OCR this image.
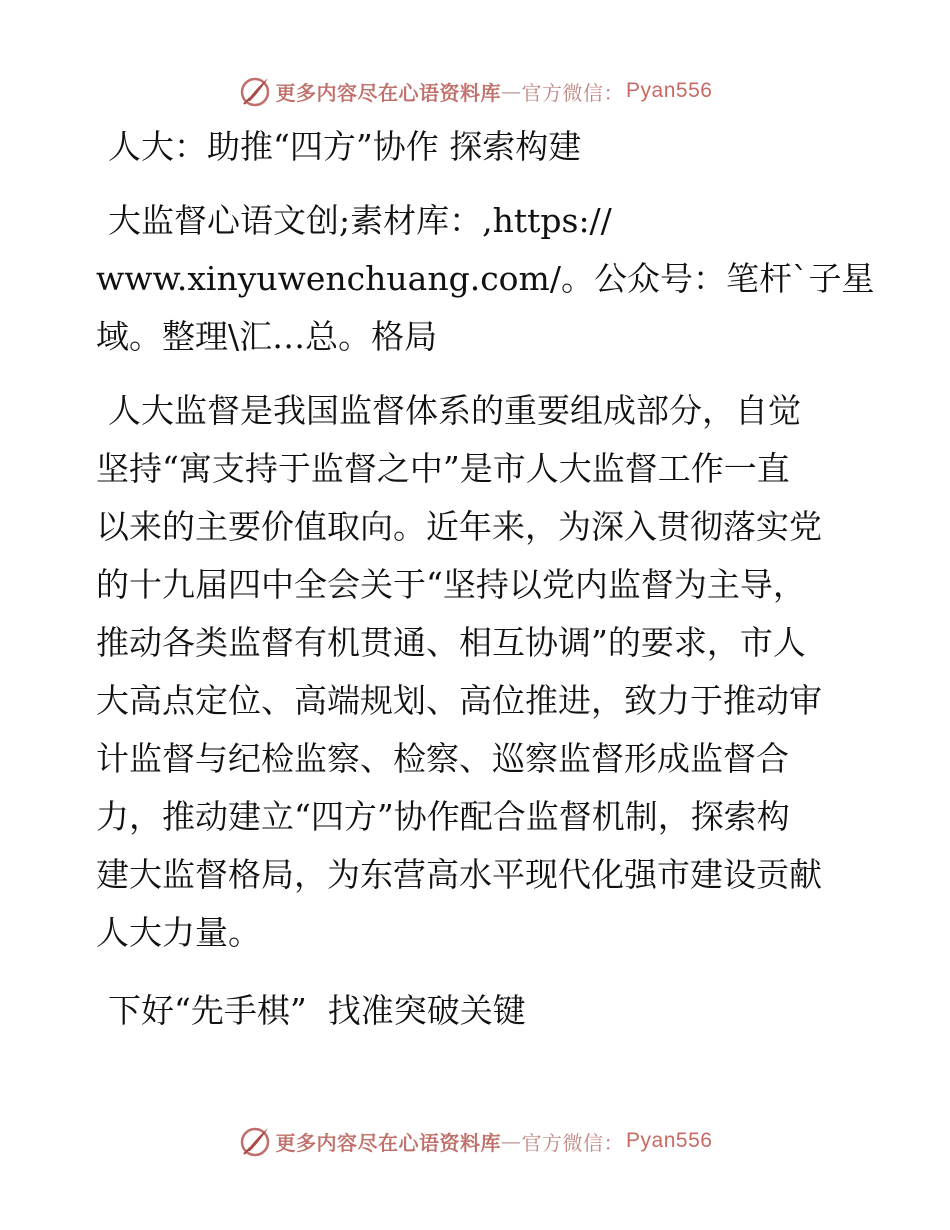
更多内容尽在心语资料库 — 官方微信： Pyan556
人大：助推“四方”协作 探索构建
大监督心语文创;素材库：,https://
www.xinyuwenchuang.com/。公众号：笔杆`子星
域。整理\汇…总。格局
人大监督是我国监督体系的重要组成部分，自觉
坚持“寓支持于监督之中”是市人大监督工作一直
以来的主要价值取向。近年来，为深入贯彻落实党
的十九届四中全会关于“坚持以党内监督为主导，
推动各类监督有机贯通、相互协调”的要求，市人
大高点定位、高端规划、高位推进，致力于推动审
计监督与纪检监察、检察、巡察监督形成监督合
力，推动建立“四方”协作配合监督机制，探索构
建大监督格局，为东营高水平现代化强市建设贡献
人大力量。
下好“先手棋”  找准突破关键
更多内容尽在心语资料库 — 官方微信： Pyan556
